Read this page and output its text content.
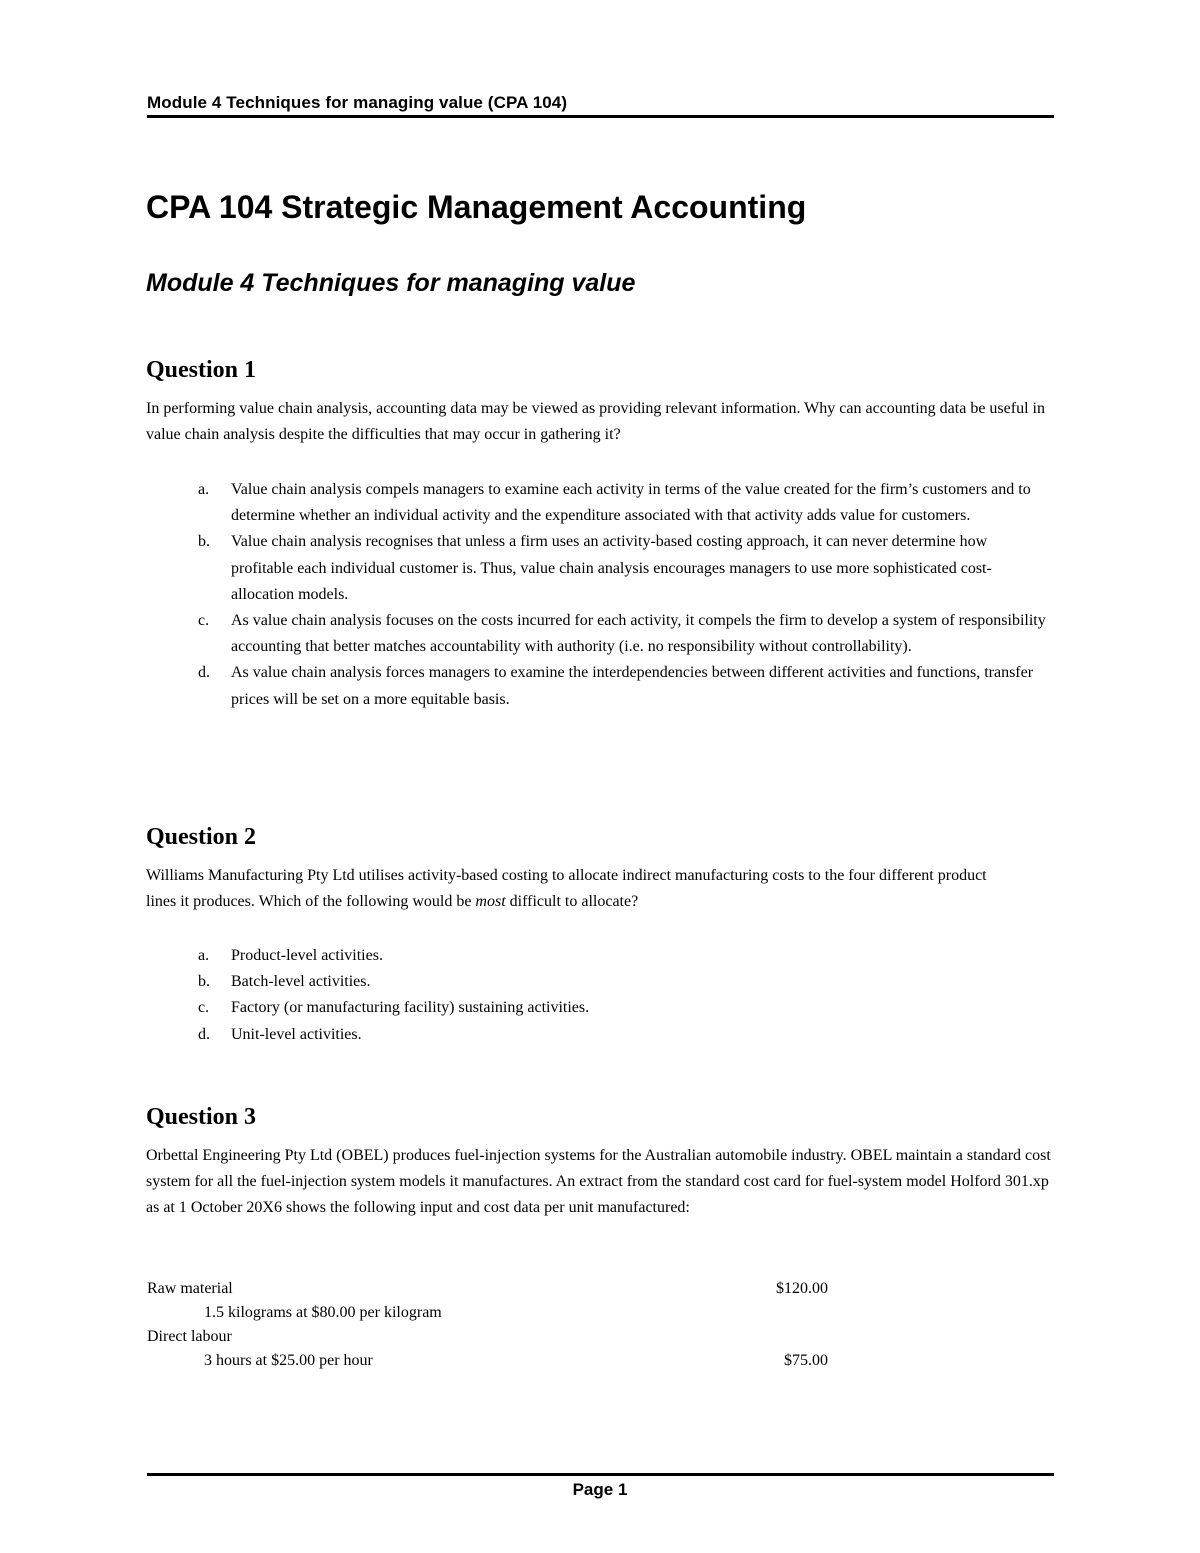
Module 4 Techniques for managing value (CPA 104)
CPA 104 Strategic Management Accounting
Module 4 Techniques for managing value
Question 1

In performing value chain analysis, accounting data may be viewed as providing relevant information. Why can accounting data be useful in value chain analysis despite the difficulties that may occur in gathering it?

a. Value chain analysis compels managers to examine each activity in terms of the value created for the firm’s customers and to determine whether an individual activity and the expenditure associated with that activity adds value for customers.
b. Value chain analysis recognises that unless a firm uses an activity-based costing approach, it can never determine how profitable each individual customer is. Thus, value chain analysis encourages managers to use more sophisticated cost-allocation models.
c. As value chain analysis focuses on the costs incurred for each activity, it compels the firm to develop a system of responsibility accounting that better matches accountability with authority (i.e. no responsibility without controllability).
d. As value chain analysis forces managers to examine the interdependencies between different activities and functions, transfer prices will be set on a more equitable basis.
Question 2

Williams Manufacturing Pty Ltd utilises activity-based costing to allocate indirect manufacturing costs to the four different product lines it produces. Which of the following would be most difficult to allocate?

a. Product-level activities.
b. Batch-level activities.
c. Factory (or manufacturing facility) sustaining activities.
d. Unit-level activities.
Question 3

Orbettal Engineering Pty Ltd (OBEL) produces fuel-injection systems for the Australian automobile industry. OBEL maintain a standard cost system for all the fuel-injection system models it manufactures. An extract from the standard cost card for fuel-system model Holford 301.xp as at 1 October 20X6 shows the following input and cost data per unit manufactured:

Raw material	$120.00
1.5 kilograms at $80.00 per kilogram
Direct labour
3 hours at $25.00 per hour	$75.00
Page 1
